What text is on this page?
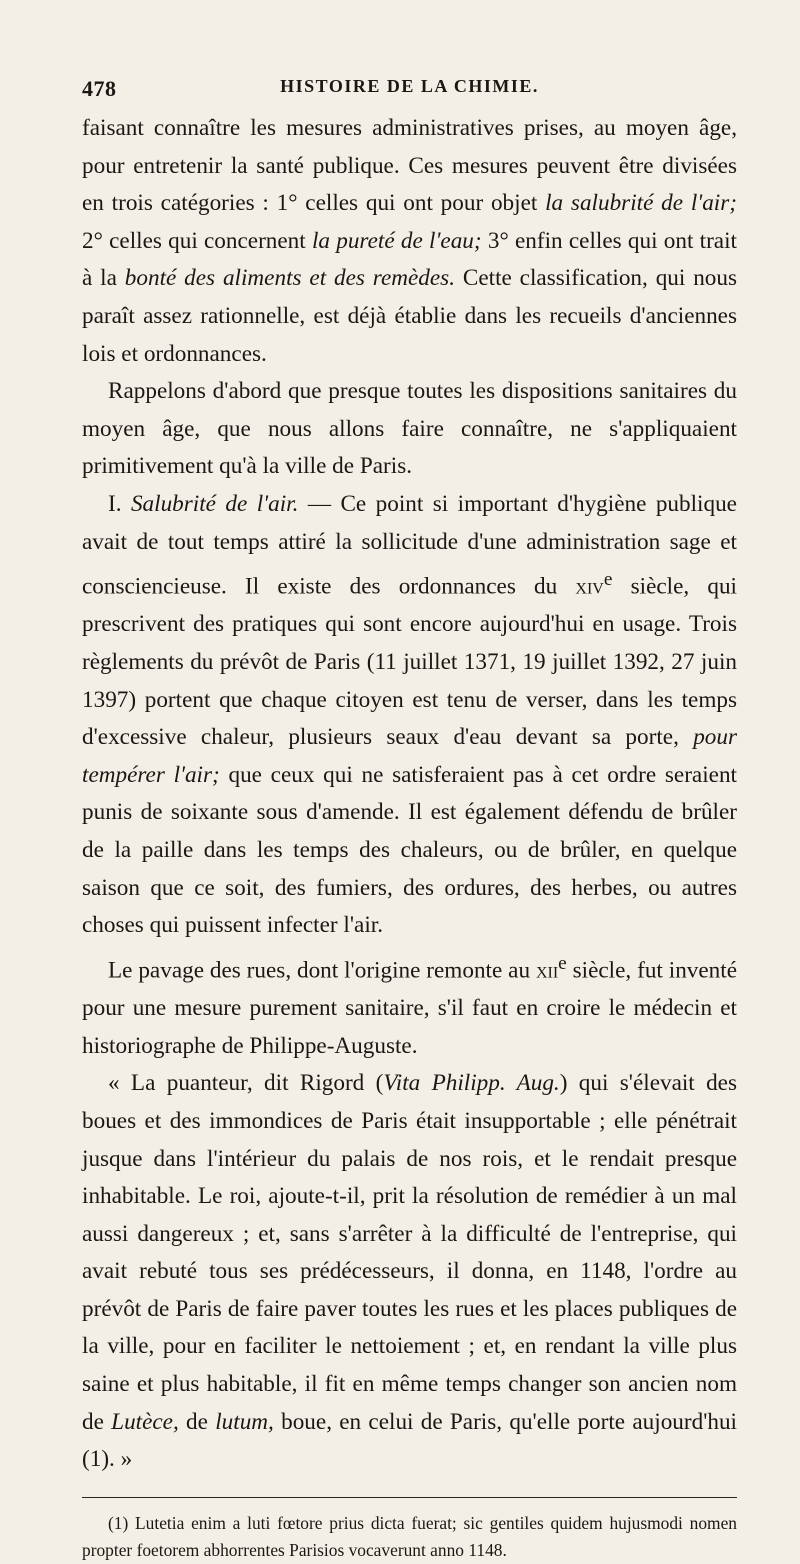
478	HISTOIRE DE LA CHIMIE.

faisant connaître les mesures administratives prises, au moyen âge, pour entretenir la santé publique. Ces mesures peuvent être divisées en trois catégories : 1° celles qui ont pour objet la salubrité de l'air; 2° celles qui concernent la pureté de l'eau; 3° enfin celles qui ont trait à la bonté des aliments et des remèdes. Cette classification, qui nous paraît assez rationnelle, est déjà établie dans les recueils d'anciennes lois et ordonnances.

Rappelons d'abord que presque toutes les dispositions sanitaires du moyen âge, que nous allons faire connaître, ne s'appliquaient primitivement qu'à la ville de Paris.

I. Salubrité de l'air. — Ce point si important d'hygiène publique avait de tout temps attiré la sollicitude d'une administration sage et consciencieuse. Il existe des ordonnances du xiv$^e$ siècle, qui prescrivent des pratiques qui sont encore aujourd'hui en usage. Trois règlements du prévôt de Paris (11 juillet 1371, 19 juillet 1392, 27 juin 1397) portent que chaque citoyen est tenu de verser, dans les temps d'excessive chaleur, plusieurs seaux d'eau devant sa porte, pour tempérer l'air; que ceux qui ne satisferaient pas à cet ordre seraient punis de soixante sous d'amende. Il est également défendu de brûler de la paille dans les temps des chaleurs, ou de brûler, en quelque saison que ce soit, des fumiers, des ordures, des herbes, ou autres choses qui puissent infecter l'air.

Le pavage des rues, dont l'origine remonte au xii$^e$ siècle, fut inventé pour une mesure purement sanitaire, s'il faut en croire le médecin et historiographe de Philippe-Auguste.

« La puanteur, dit Rigord (Vita Philipp. Aug.) qui s'élevait des boues et des immondices de Paris était insupportable ; elle pénétrait jusque dans l'intérieur du palais de nos rois, et le rendait presque inhabitable. Le roi, ajoute-t-il, prit la résolution de remédier à un mal aussi dangereux ; et, sans s'arrêter à la difficulté de l'entreprise, qui avait rebuté tous ses prédécesseurs, il donna, en 1148, l'ordre au prévôt de Paris de faire paver toutes les rues et les places publiques de la ville, pour en faciliter le nettoiement ; et, en rendant la ville plus saine et plus habitable, il fit en même temps changer son ancien nom de Lutèce, de lutum, boue, en celui de Paris, qu'elle porte aujourd'hui (1). »

(1) Lutetia enim a luti fœtore prius dicta fuerat; sic gentiles quidem hujusmodi nomen propter foetorem abhorrentes Parisios vocaverunt anno 1148.
